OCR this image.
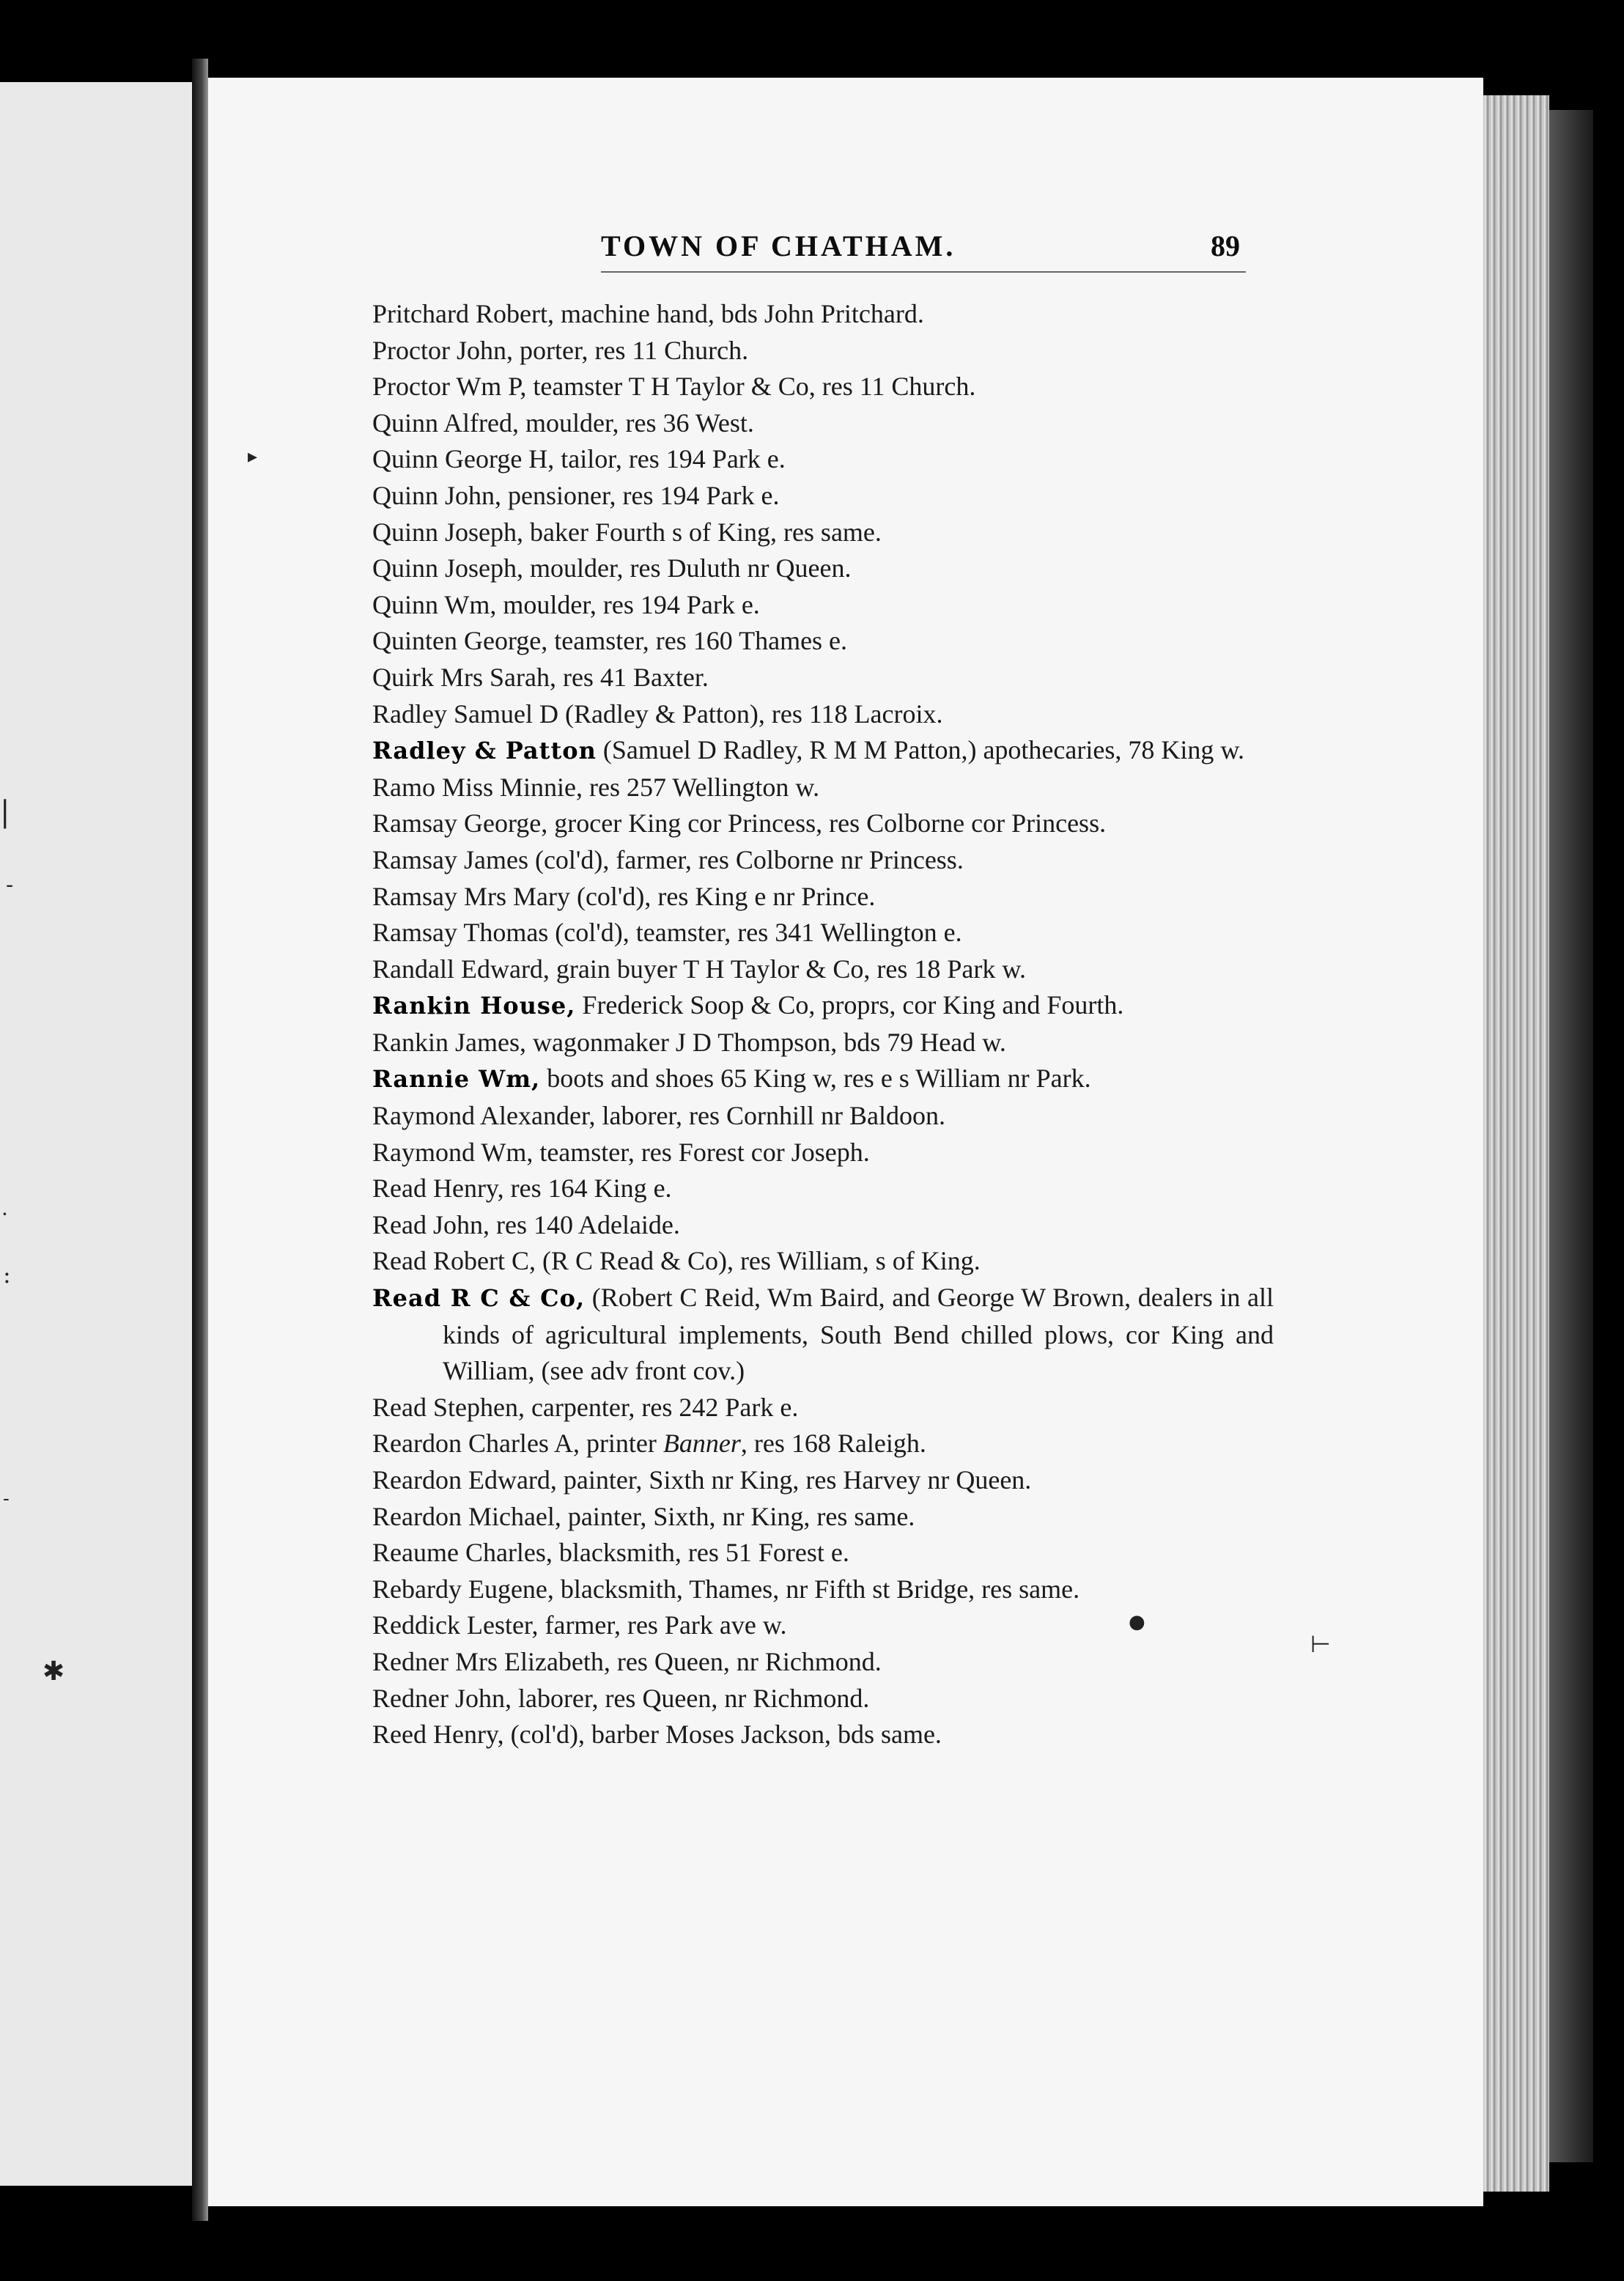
|
-
·
:
-
✱
TOWN OF CHATHAM.	89

Pritchard Robert, machine hand, bds John Pritchard.

Proctor John, porter, res 11 Church.

Proctor Wm P, teamster T H Taylor & Co, res 11 Church.

Quinn Alfred, moulder, res 36 West.

Quinn George H, tailor, res 194 Park e.

Quinn John, pensioner, res 194 Park e.

Quinn Joseph, baker Fourth s of King, res same.

Quinn Joseph, moulder, res Duluth nr Queen.

Quinn Wm, moulder, res 194 Park e.

Quinten George, teamster, res 160 Thames e.

Quirk Mrs Sarah, res 41 Baxter.

Radley Samuel D (Radley & Patton), res 118 Lacroix.

Radley & Patton (Samuel D Radley, R M M Patton,) apothecaries, 78 King w.

Ramo Miss Minnie, res 257 Wellington w.

Ramsay George, grocer King cor Princess, res Colborne cor Princess.

Ramsay James (col'd), farmer, res Colborne nr Princess.

Ramsay Mrs Mary (col'd), res King e nr Prince.

Ramsay Thomas (col'd), teamster, res 341 Wellington e.

Randall Edward, grain buyer T H Taylor & Co, res 18 Park w.

Rankin House, Frederick Soop & Co, proprs, cor King and Fourth.

Rankin James, wagonmaker J D Thompson, bds 79 Head w.

Rannie Wm, boots and shoes 65 King w, res e s William nr Park.

Raymond Alexander, laborer, res Cornhill nr Baldoon.

Raymond Wm, teamster, res Forest cor Joseph.

Read Henry, res 164 King e.

Read John, res 140 Adelaide.

Read Robert C, (R C Read & Co), res William, s of King.

Read R C & Co, (Robert C Reid, Wm Baird, and George W Brown, dealers in all kinds of agricultural implements, South Bend chilled plows, cor King and William, (see adv front cov.)

Read Stephen, carpenter, res 242 Park e.

Reardon Charles A, printer Banner, res 168 Raleigh.

Reardon Edward, painter, Sixth nr King, res Harvey nr Queen.

Reardon Michael, painter, Sixth, nr King, res same.

Reaume Charles, blacksmith, res 51 Forest e.

Rebardy Eugene, blacksmith, Thames, nr Fifth st Bridge, res same.

Reddick Lester, farmer, res Park ave w.

Redner Mrs Elizabeth, res Queen, nr Richmond.

Redner John, laborer, res Queen, nr Richmond.

Reed Henry, (col'd), barber Moses Jackson, bds same.

▸
●
⊢
